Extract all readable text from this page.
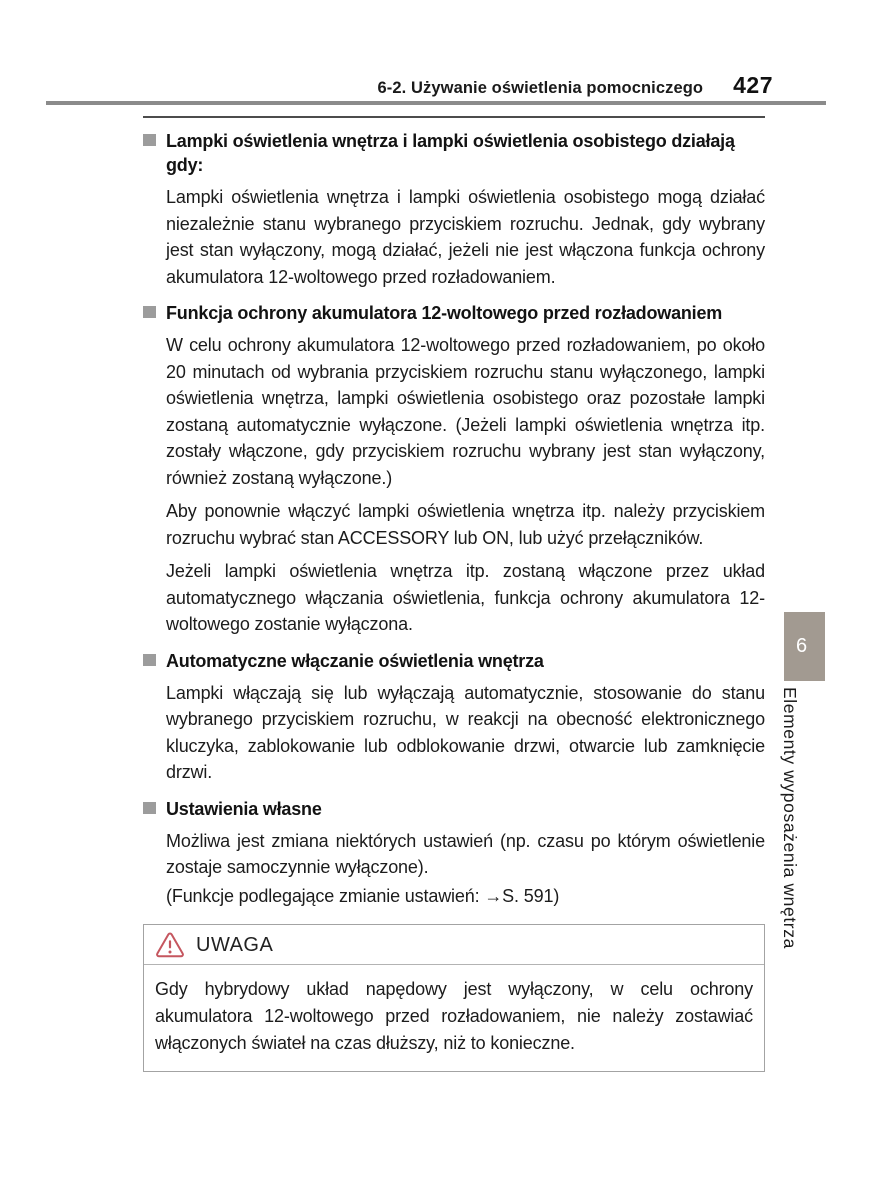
6-2. Używanie oświetlenia pomocniczego 427
Lampki oświetlenia wnętrza i lampki oświetlenia osobistego działają gdy:

Lampki oświetlenia wnętrza i lampki oświetlenia osobistego mogą działać niezależnie stanu wybranego przyciskiem rozruchu. Jednak, gdy wybrany jest stan wyłączony, mogą działać, jeżeli nie jest włączona funkcja ochrony akumulatora 12-woltowego przed rozładowaniem.

Funkcja ochrony akumulatora 12-woltowego przed rozładowaniem

W celu ochrony akumulatora 12-woltowego przed rozładowaniem, po około 20 minutach od wybrania przyciskiem rozruchu stanu wyłączonego, lampki oświetlenia wnętrza, lampki oświetlenia osobistego oraz pozostałe lampki zostaną automatycznie wyłączone. (Jeżeli lampki oświetlenia wnętrza itp. zostały włączone, gdy przyciskiem rozruchu wybrany jest stan wyłączony, również zostaną wyłączone.)

Aby ponownie włączyć lampki oświetlenia wnętrza itp. należy przyciskiem rozruchu wybrać stan ACCESSORY lub ON, lub użyć przełączników.

Jeżeli lampki oświetlenia wnętrza itp. zostaną włączone przez układ automatycznego włączania oświetlenia, funkcja ochrony akumulatora 12-woltowego zostanie wyłączona.

Automatyczne włączanie oświetlenia wnętrza

Lampki włączają się lub wyłączają automatycznie, stosowanie do stanu wybranego przyciskiem rozruchu, w reakcji na obecność elektronicznego kluczyka, zablokowanie lub odblokowanie drzwi, otwarcie lub zamknięcie drzwi.

Ustawienia własne

Możliwa jest zmiana niektórych ustawień (np. czasu po którym oświetlenie zostaje samoczynnie wyłączone).

(Funkcje podlegające zmianie ustawień: →S. 591)

UWAGA
Gdy hybrydowy układ napędowy jest wyłączony, w celu ochrony akumulatora 12-woltowego przed rozładowaniem, nie należy zostawiać włączonych świateł na czas dłuższy, niż to konieczne.
6
Elementy wyposażenia wnętrza
